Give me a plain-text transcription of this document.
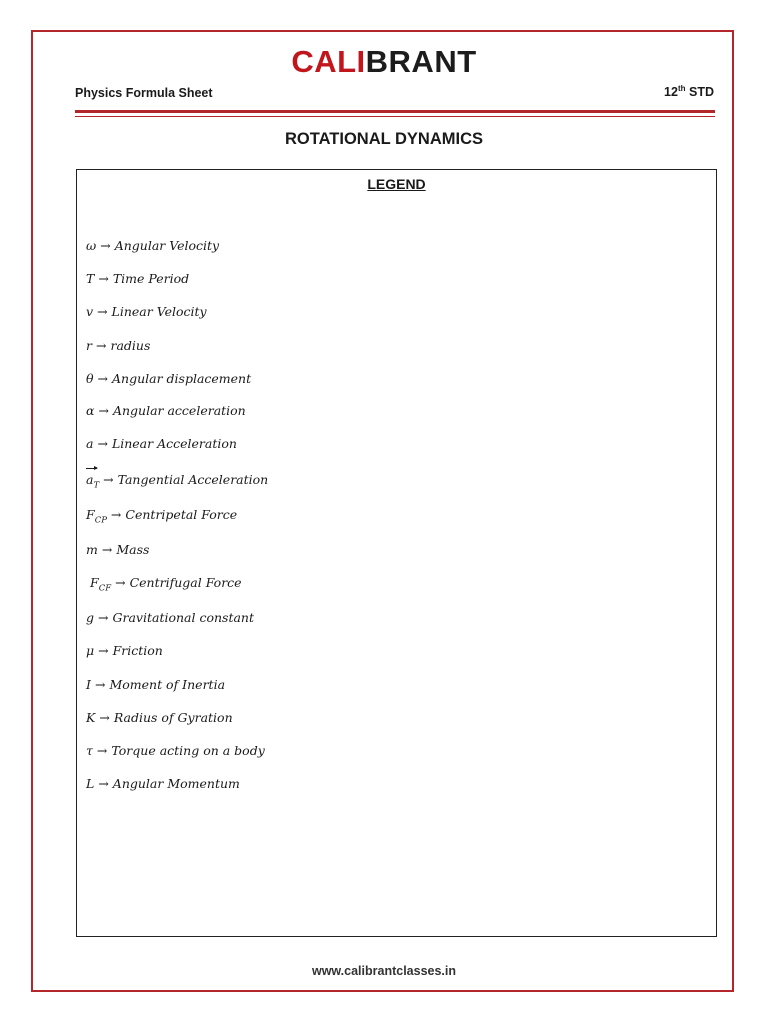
CALIBRANT
Physics Formula Sheet	12th STD
ROTATIONAL DYNAMICS
LEGEND
ω → Angular Velocity
T → Time Period
v → Linear Velocity
r → radius
θ → Angular displacement
α → Angular acceleration
a → Linear Acceleration
$a_T$ → Tangential Acceleration
$F_{CP}$ → Centripetal Force
m → Mass
$F_{CF}$ → Centrifugal Force
g → Gravitational constant
μ → Friction
I → Moment of Inertia
K → Radius of Gyration
τ → Torque acting on a body
L → Angular Momentum
www.calibrantclasses.in
